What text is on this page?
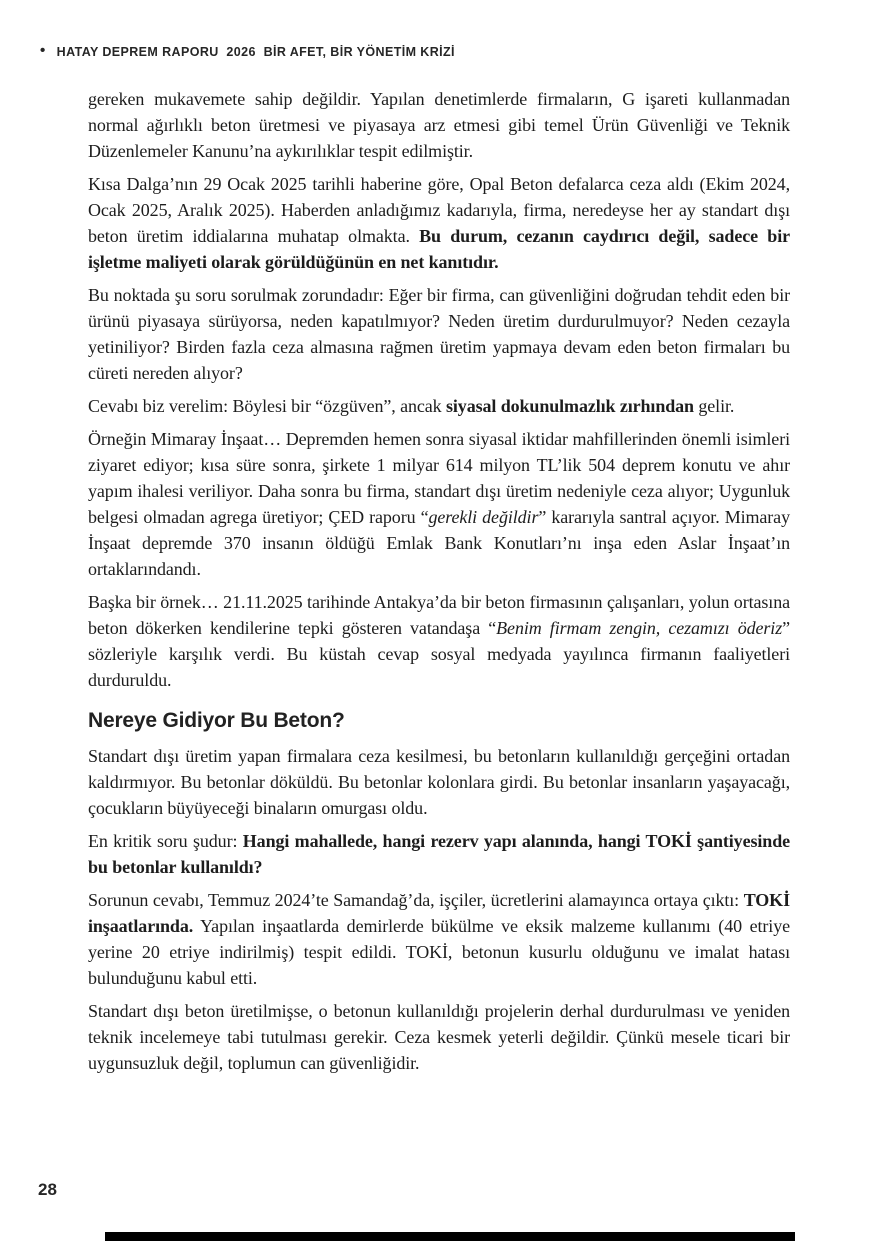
• HATAY DEPREM RAPORU  2026  BİR AFET, BİR YÖNETİM KRİZİ

gereken mukavemete sahip değildir. Yapılan denetimlerde firmaların, G işareti kullanmadan normal ağırlıklı beton üretmesi ve piyasaya arz etmesi gibi temel Ürün Güvenliği ve Teknik Düzenlemeler Kanunu’na aykırılıklar tespit edilmiştir.

Kısa Dalga’nın 29 Ocak 2025 tarihli haberine göre, Opal Beton defalarca ceza aldı (Ekim 2024, Ocak 2025, Aralık 2025). Haberden anladığımız kadarıyla, firma, neredeyse her ay standart dışı beton üretim iddialarına muhatap olmakta. Bu durum, cezanın caydırıcı değil, sadece bir işletme maliyeti olarak görüldüğünün en net kanıtıdır.

Bu noktada şu soru sorulmak zorundadır: Eğer bir firma, can güvenliğini doğrudan tehdit eden bir ürünü piyasaya sürüyorsa, neden kapatılmıyor? Neden üretim durdurulmuyor? Neden cezayla yetiniliyor? Birden fazla ceza almasına rağmen üretim yapmaya devam eden beton firmaları bu cüreti nereden alıyor?

Cevabı biz verelim: Böylesi bir “özgüven”, ancak siyasal dokunulmazlık zırhından gelir.

Örneğin Mimaray İnşaat… Depremden hemen sonra siyasal iktidar mahfillerinden önemli isimleri ziyaret ediyor; kısa süre sonra, şirkete 1 milyar 614 milyon TL’lik 504 deprem konutu ve ahır yapım ihalesi veriliyor. Daha sonra bu firma, standart dışı üretim nedeniyle ceza alıyor; Uygunluk belgesi olmadan agrega üretiyor; ÇED raporu “gerekli değildir” kararıyla santral açıyor. Mimaray İnşaat depremde 370 insanın öldüğü Emlak Bank Konutları’nı inşa eden Aslar İnşaat’ın ortaklarındandı.

Başka bir örnek… 21.11.2025 tarihinde Antakya’da bir beton firmasının çalışanları, yolun ortasına beton dökerken kendilerine tepki gösteren vatandaşa “Benim firmam zengin, cezamızı öderiz” sözleriyle karşılık verdi. Bu küstah cevap sosyal medyada yayılınca firmanın faaliyetleri durduruldu.

Nereye Gidiyor Bu Beton?

Standart dışı üretim yapan firmalara ceza kesilmesi, bu betonların kullanıldığı gerçeğini ortadan kaldırmıyor. Bu betonlar döküldü. Bu betonlar kolonlara girdi. Bu betonlar insanların yaşayacağı, çocukların büyüyeceği binaların omurgası oldu.

En kritik soru şudur: Hangi mahallede, hangi rezerv yapı alanında, hangi TOKİ şantiyesinde bu betonlar kullanıldı?

Sorunun cevabı, Temmuz 2024’te Samandağ’da, işçiler, ücretlerini alamayınca ortaya çıktı: TOKİ inşaatlarında. Yapılan inşaatlarda demirlerde bükülme ve eksik malzeme kullanımı (40 etriye yerine 20 etriye indirilmiş) tespit edildi. TOKİ, betonun kusurlu olduğunu ve imalat hatası bulunduğunu kabul etti.

Standart dışı beton üretilmişse, o betonun kullanıldığı projelerin derhal durdurulması ve yeniden teknik incelemeye tabi tutulması gerekir. Ceza kesmek yeterli değildir. Çünkü mesele ticari bir uygunsuzluk değil, toplumun can güvenliğidir.

28
